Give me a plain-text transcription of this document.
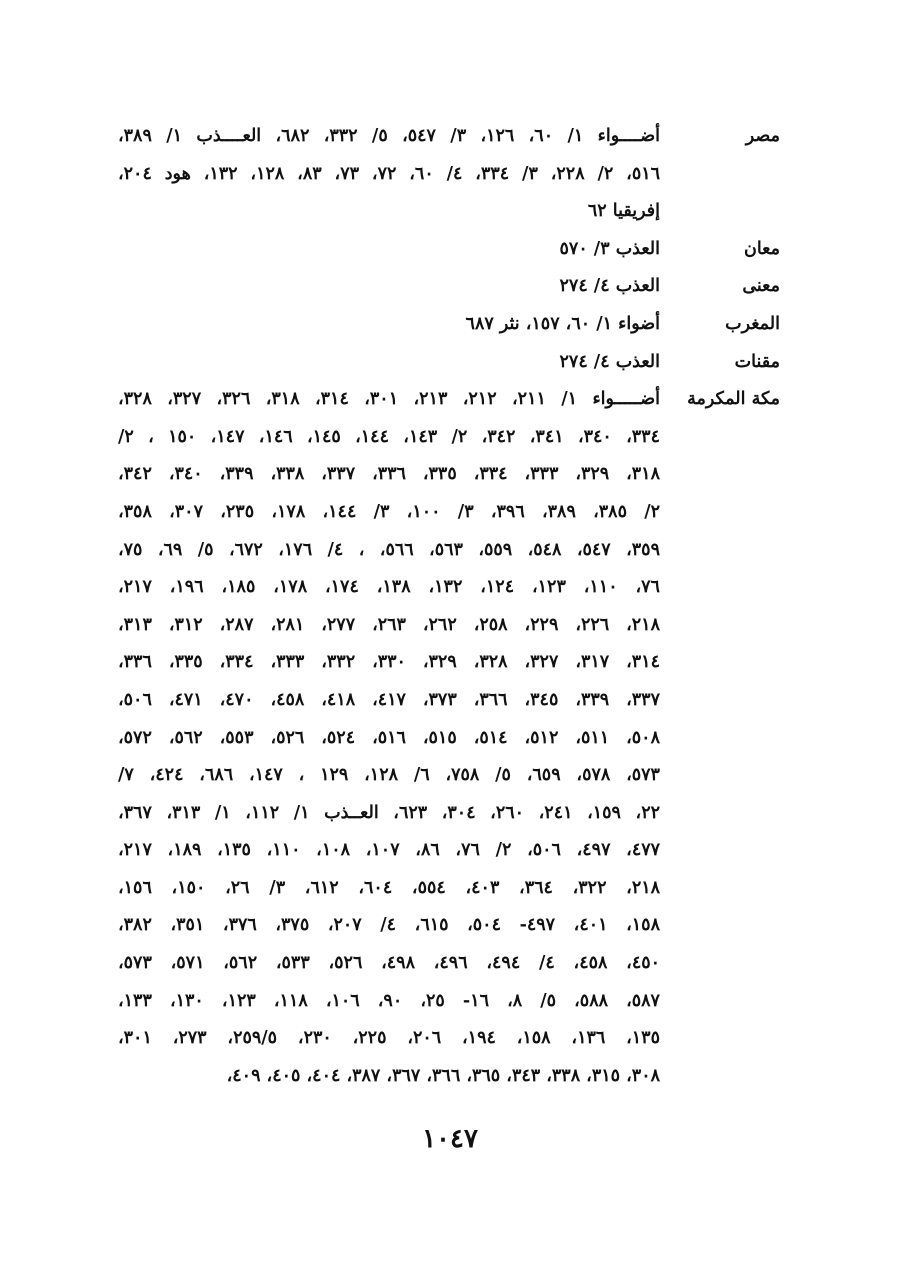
مصر
أضــــواء ١/ ٦٠، ١٢٦، ٣/ ٥٤٧، ٥/ ٣٣٢، ٦٨٢، العــــذب ١/ ٣٨٩،
٥١٦، ٢/ ٢٢٨، ٣/ ٣٣٤، ٤/ ٦٠، ٧٢، ٧٣، ٨٣، ١٢٨، ١٣٢، هود ٢٠٤،
إفريقيا ٦٢
معان
العذب ٣/ ٥٧٠
معنى
العذب ٤/ ٢٧٤
المغرب
أضواء ١/ ٦٠، ١٥٧، نثر ٦٨٧
مقنات
العذب ٤/ ٢٧٤
مكة المكرمة
أضـــــواء ١/ ٢١١، ٢١٢، ٢١٣، ٣٠١، ٣١٤، ٣١٨، ٣٢٦، ٣٢٧، ٣٢٨،
٣٣٤، ٣٤٠، ٣٤١، ٣٤٢، ٢/ ١٤٣، ١٤٤، ١٤٥، ١٤٦، ١٤٧، ١٥٠ ، ٢/
٣١٨، ٣٢٩، ٣٣٣، ٣٣٤، ٣٣٥، ٣٣٦، ٣٣٧، ٣٣٨، ٣٣٩، ٣٤٠، ٣٤٢،
٢/ ٣٨٥، ٣٨٩، ٣٩٦، ٣/ ١٠٠، ٣/ ١٤٤، ١٧٨، ٢٣٥، ٣٠٧، ٣٥٨،
٣٥٩، ٥٤٧، ٥٤٨، ٥٥٩، ٥٦٣، ٥٦٦، ، ٤/ ١٧٦، ٦٧٢، ٥/ ٦٩، ٧٥،
٧٦، ١١٠، ١٢٣، ١٢٤، ١٣٢، ١٣٨، ١٧٤، ١٧٨، ١٨٥، ١٩٦، ٢١٧،
٢١٨، ٢٢٦، ٢٢٩، ٢٥٨، ٢٦٢، ٢٦٣، ٢٧٧، ٢٨١، ٢٨٧، ٣١٢، ٣١٣،
٣١٤، ٣١٧، ٣٢٧، ٣٢٨، ٣٢٩، ٣٣٠، ٣٣٢، ٣٣٣، ٣٣٤، ٣٣٥، ٣٣٦،
٣٣٧، ٣٣٩، ٣٤٥، ٣٦٦، ٣٧٣، ٤١٧، ٤١٨، ٤٥٨، ٤٧٠، ٤٧١، ٥٠٦،
٥٠٨، ٥١١، ٥١٢، ٥١٤، ٥١٥، ٥١٦، ٥٢٤، ٥٢٦، ٥٥٣، ٥٦٢، ٥٧٢،
٥٧٣، ٥٧٨، ٦٥٩، ٥/ ٧٥٨، ٦/ ١٢٨، ١٢٩ ، ١٤٧، ٦٨٦، ٤٢٤، ٧/
٢٢، ١٥٩، ٢٤١، ٢٦٠، ٣٠٤، ٦٢٣، العــذب ١/ ١١٢، ١/ ٣١٣، ٣٦٧،
٤٧٧، ٤٩٧، ٥٠٦، ٢/ ٧٦، ٨٦، ١٠٧، ١٠٨، ١١٠، ١٣٥، ١٨٩، ٢١٧،
٢١٨، ٣٢٢، ٣٦٤، ٤٠٣، ٥٥٤، ٦٠٤، ٦١٢، ٣/ ٢٦، ١٥٠، ١٥٦،
١٥٨، ٤٠١، ٤٩٧- ٥٠٤، ٦١٥، ٤/ ٢٠٧، ٣٧٥، ٣٧٦، ٣٥١، ٣٨٢،
٤٥٠، ٤٥٨، ٤/ ٤٩٤، ٤٩٦، ٤٩٨، ٥٢٦، ٥٣٣، ٥٦٢، ٥٧١، ٥٧٣،
٥٨٧، ٥٨٨، ٥/ ٨، ١٦- ٢٥، ٩٠، ١٠٦، ١١٨، ١٢٣، ١٣٠، ١٣٣،
١٣٥، ١٣٦، ١٥٨، ١٩٤، ٢٠٦، ٢٢٥، ٢٣٠، ٢٥٩/٥، ٢٧٣، ٣٠١،
٣٠٨، ٣١٥، ٣٣٨، ٣٤٣، ٣٦٥، ٣٦٦، ٣٦٧، ٣٨٧، ٤٠٤، ٤٠٥، ٤٠٩،
١٠٤٧
